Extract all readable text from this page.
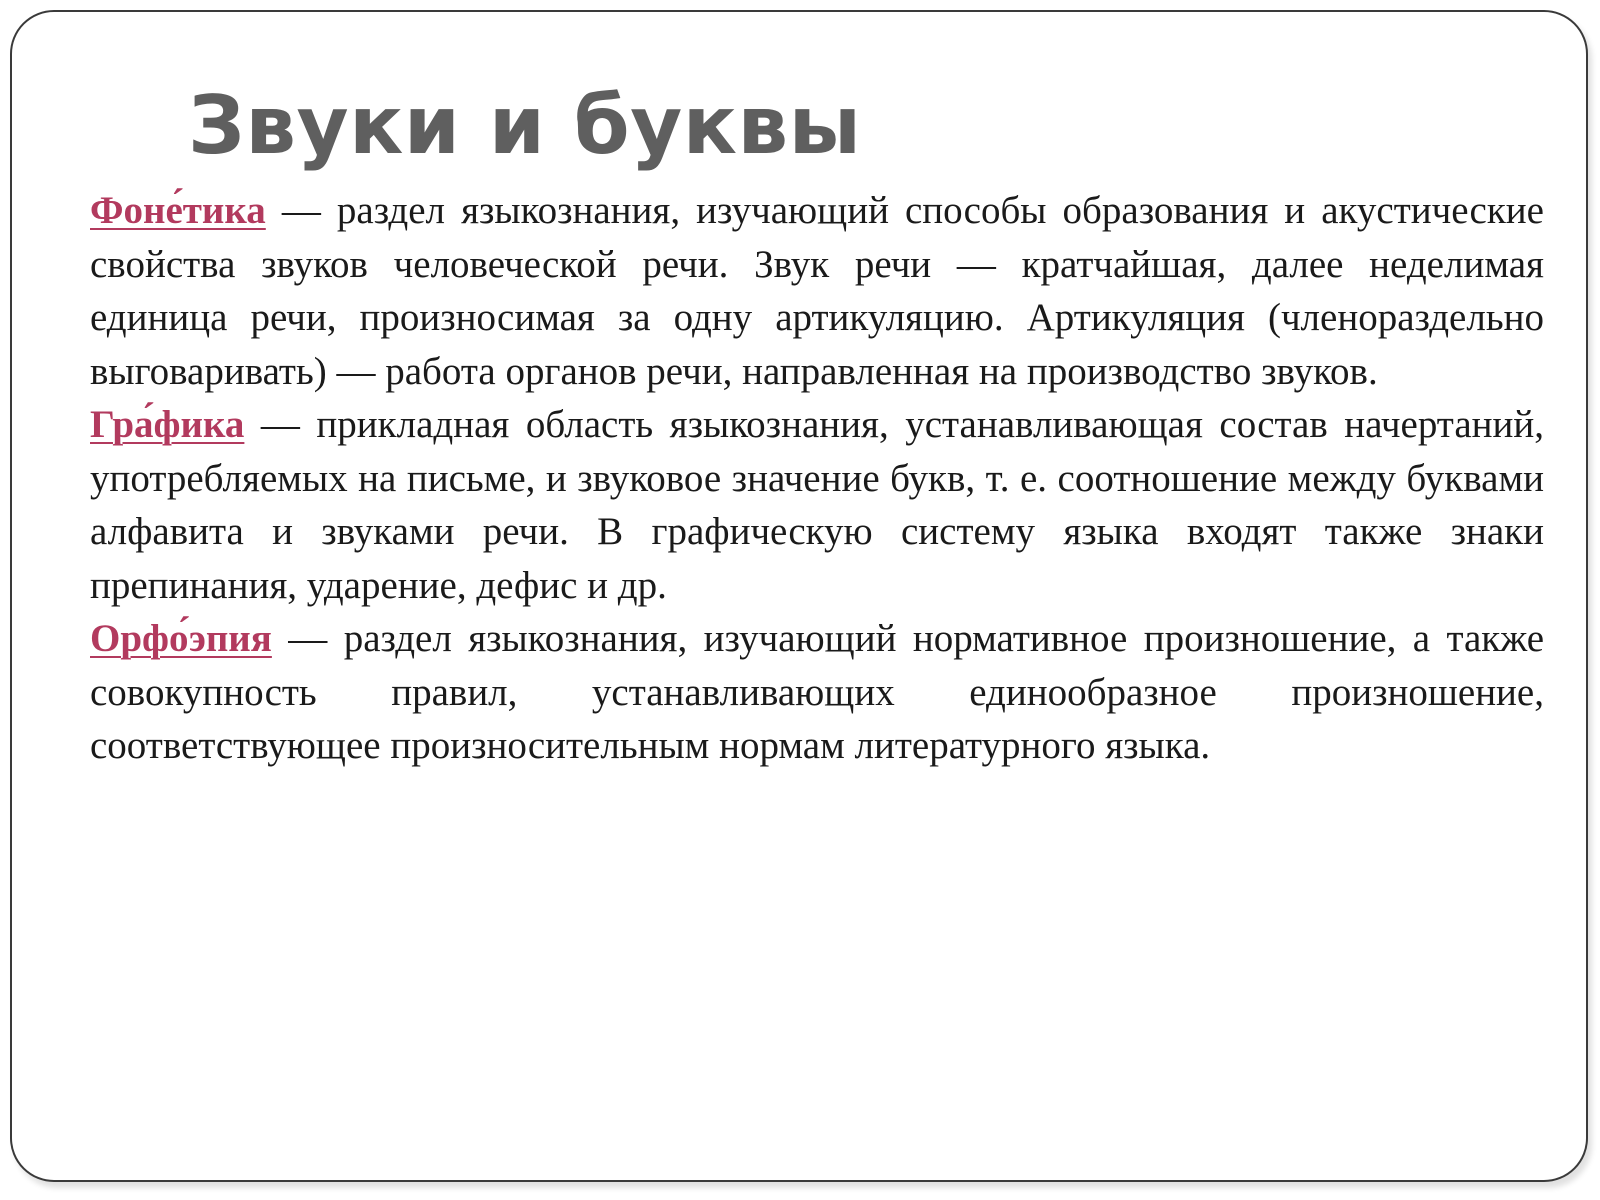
Звуки и буквы

Фоне́тика — раздел языкознания, изучающий способы образования и акустические свойства звуков человеческой речи. Звук речи — кратчайшая, далее неделимая единица речи, произносимая за одну артикуляцию. Артикуляция (членораздельно выговаривать) — работа органов речи, направленная на производство звуков.

Гра́фика — прикладная область языкознания, устанавливающая состав начертаний, употребляемых на письме, и звуковое значение букв, т. е. соотношение между буквами алфавита и звуками речи. В графическую систему языка входят также знаки препинания, ударение, дефис и др.

Орфо́эпия — раздел языкознания, изучающий нормативное произношение, а также совокупность правил, устанавливающих единообразное произношение, соответствующее произносительным нормам литературного языка.
